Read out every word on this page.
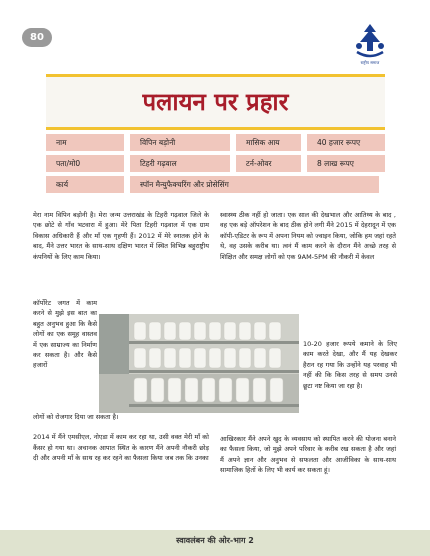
80
राष्ट्रीय समाज
पलायन पर प्रहार
नाम	विपिन बड़ोनी	मासिक आय	40 हजार रूपए
पता/मो0	टिहरी गढ़वाल	टर्न-ओवर	8 लाख रूपए
कार्य	स्पॉन मैन्युफैक्चरिंग और प्रोसेसिंग
मेरा नाम विपिन बड़ोनी है। मेरा जन्म उत्तराखंड के टिहरी गढ़वाल जिले के एक छोटे से गाँव भटवारा में हुआ। मेरे पिता टिहरी गढ़वाल में एक ग्राम विकास अधिकारी हैं और माँ एक गृहणी हैं। 2012 में मेरे स्नातक होने के बाद, मैंने उत्तर भारत के साथ-साथ दक्षिण भारत में स्थित विभिन्न बहुराष्ट्रीय कंपनियों के लिए काम किया।
कॉर्पोरेट जगत में काम करने से मुझे इस बात का बहुत अनुभव हुआ कि कैसे लोगों का एक समूह वास्तव में एक साम्राज्य का निर्माण कर सकता है। और कैसे हजारों
लोगों को रोजगार दिया जा सकता है।
2014 में मैंने एमसीएल, नोएडा में काम कर रहा था, उसी वक्त मेरी माँ को कैंसर हो गया था। अचानक आपात स्थित के कारण मैंने अपनी नौकरी छोड़ दी और अपनी माँ के साथ रह कर रहने का फैसला किया जब तक कि उनका
स्वास्थ्य ठीक नहीं हो जाता। एक साल की देखभाल और आतिथ्य के बाद , वह एक बड़े ऑपरेशन के बाद ठीक होने लगी मैंने 2015 में देहरादून में एक कॉपी-एडिटर के रूप में अपना नियम को ज्वाइन किया, जोकि हम जहां रहते थे, वह उसके करीब था। त्वनं मैं काम करने के दौरान मैंने अच्छे तरह से शिक्षित और समक्ष लोगों को एक 9AM-5PM की नौकरी में केवल
10-20 हजार रूपये कमाने के लिए काम करते देखा, और मैं यह देखकर हैरान रह गया कि उन्होंने यह परवाह भी नहीं की कि किस तरह से समय उनसे छूटा नष्ट किया जा रहा है।
आखिरकार मैंने अपने खुद के व्यवसाय को स्थापित करने की योजना बनाने का फैसला किया, जो मुझे अपने परिवार के करीब रख सकता है और जहां मैं अपने ज्ञान और अनुभव से सफलता और आजीविका के साथ-साथ सामाजिक हितों के लिए भी कार्य कर सकता हूं।
स्वावलंबन की ओर-भाग 2
